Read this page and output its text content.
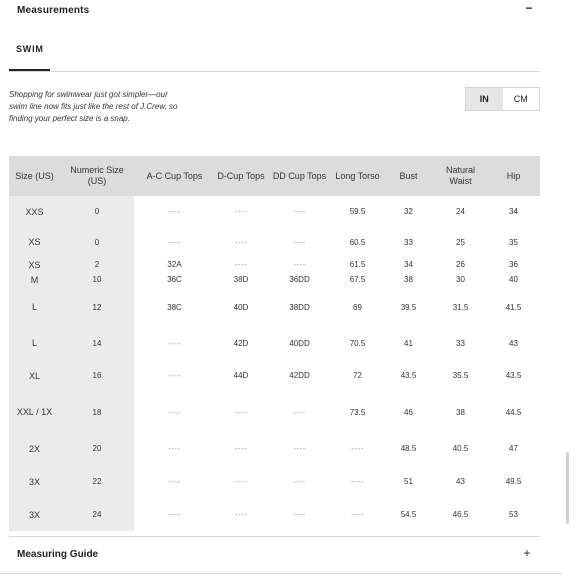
Measurements	−
SWIM

Shopping for swimwear just got simpler—our swim line now fits just like the rest of J.Crew, so finding your perfect size is a snap.

IN	CM
Size (US)	Numeric Size (US)	A-C Cup Tops	D-Cup Tops	DD Cup Tops	Long Torso	Bust	Natural Waist	Hip
XXS	0	----	----	----	59.5	32	24	34
XS	0	----	----	----	60.5	33	25	35
XS	2	32A	----	----	61.5	34	26	36
M	10	36C	38D	36DD	67.5	38	30	40
L	12	38C	40D	38DD	69	39.5	31.5	41.5
L	14	----	42D	40DD	70.5	41	33	43
XL	16	----	44D	42DD	72	43.5	35.5	43.5
XXL / 1X	18	----	----	----	73.5	46	38	44.5
2X	20	----	----	----	----	48.5	40.5	47
3X	22	----	----	----	----	51	43	49.5
3X	24	----	----	----	----	54.5	46.5	53
Measuring Guide	+
